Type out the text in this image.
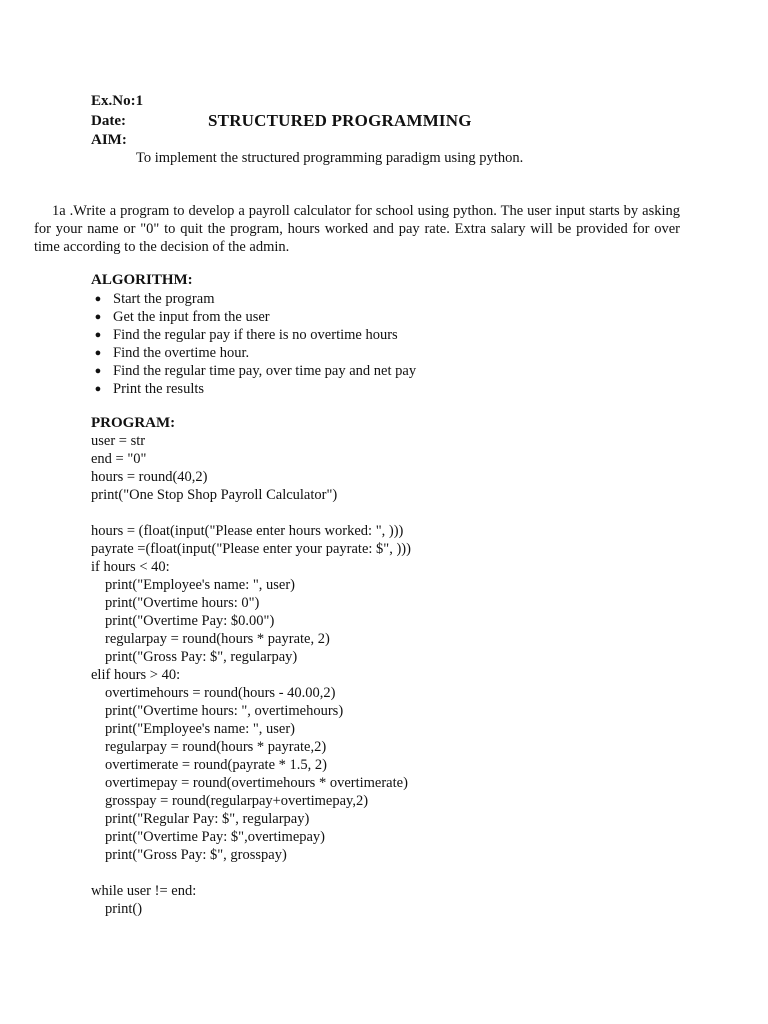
Ex.No:1
Date:	STRUCTURED PROGRAMMING
AIM:
To implement the structured programming paradigm using python.
1a .Write a program to develop a payroll calculator for school using python. The user input starts by asking for your name or "0" to quit the program, hours worked and pay rate. Extra salary will be provided for over time according to the decision of the admin.
ALGORITHM:
● Start the program
● Get the input from the user
● Find the regular pay if there is no overtime hours
● Find the overtime hour.
● Find the regular time pay, over time pay and net pay
● Print the results
PROGRAM:
user = str
end = "0"
hours = round(40,2)
print("One Stop Shop Payroll Calculator")
hours = (float(input("Please enter hours worked: ", )))
payrate =(float(input("Please enter your payrate: $", )))
if hours < 40:
print("Employee's name: ", user)
print("Overtime hours: 0")
print("Overtime Pay: $0.00")
regularpay = round(hours * payrate, 2)
print("Gross Pay: $", regularpay)
elif hours > 40:
overtimehours = round(hours - 40.00,2)
print("Overtime hours: ", overtimehours)
print("Employee's name: ", user)
regularpay = round(hours * payrate,2)
overtimerate = round(payrate * 1.5, 2)
overtimepay = round(overtimehours * overtimerate)
grosspay = round(regularpay+overtimepay,2)
print("Regular Pay: $", regularpay)
print("Overtime Pay: $",overtimepay)
print("Gross Pay: $", grosspay)
while user != end:
print()
